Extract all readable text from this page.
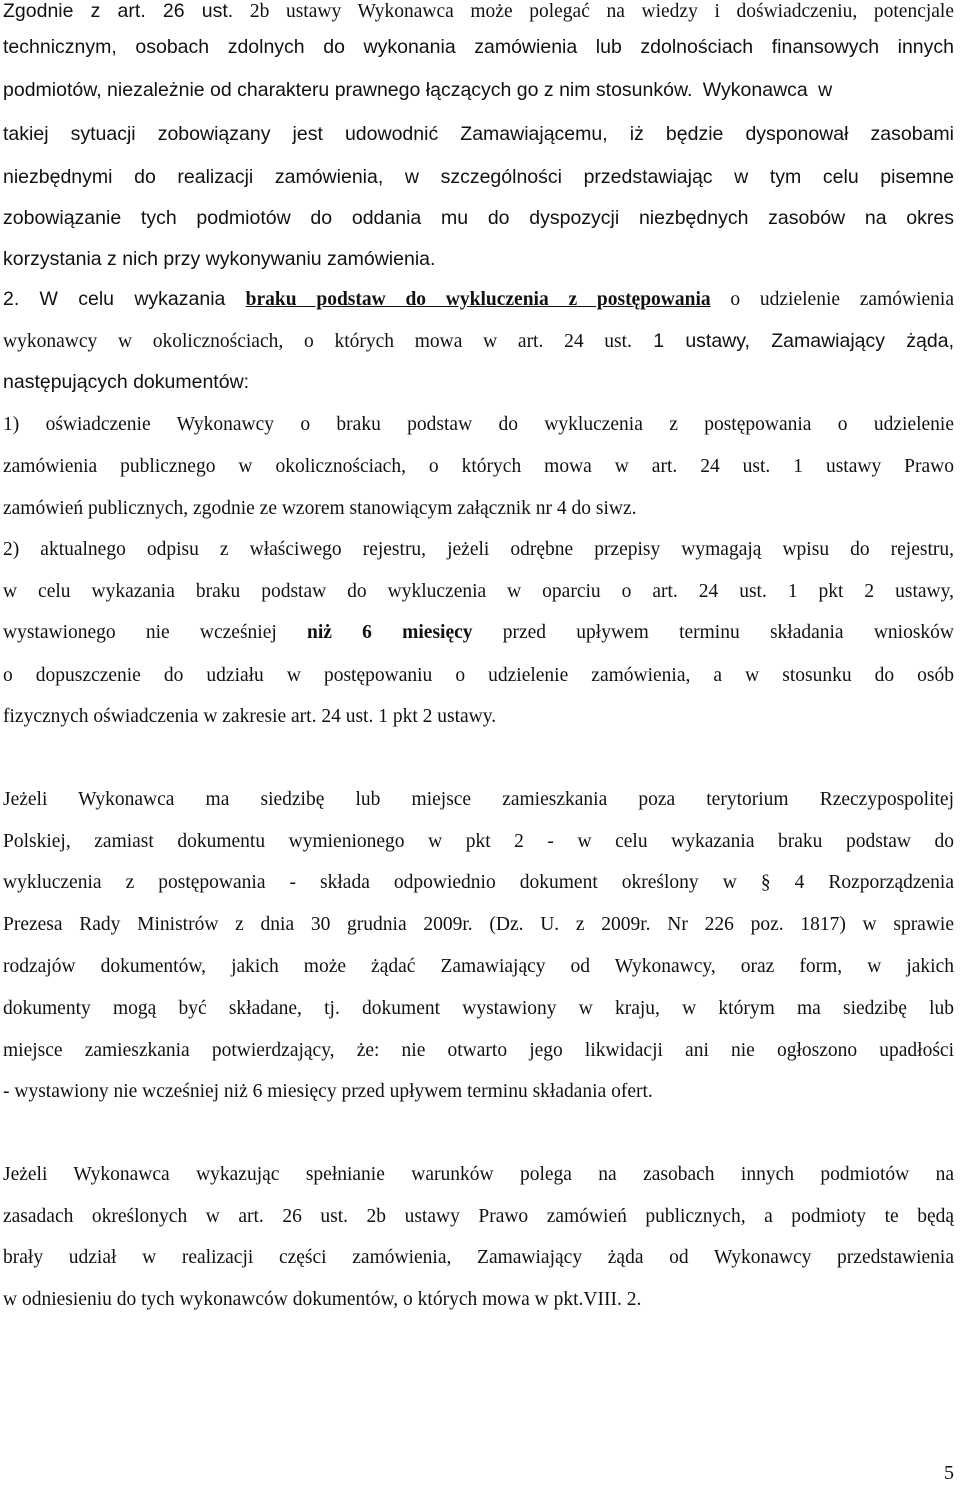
Zgodnie z art. 26 ust. 2b ustawy Wykonawca może polegać na wiedzy i doświadczeniu, potencjale
technicznym, osobach zdolnych do wykonania zamówienia lub zdolnościach finansowych innych
podmiotów, niezależnie od charakteru prawnego łączących go z nim stosunków. Wykonawca w
takiej sytuacji zobowiązany jest udowodnić Zamawiającemu, iż będzie dysponował zasobami
niezbędnymi do realizacji zamówienia, w szczególności przedstawiając w tym celu pisemne
zobowiązanie tych podmiotów do oddania mu do dyspozycji niezbędnych zasobów na okres
korzystania z nich przy wykonywaniu zamówienia.
2. W celu wykazania braku podstaw do wykluczenia z postępowania o udzielenie zamówienia
wykonawcy w okolicznościach, o których mowa w art. 24 ust. 1 ustawy, Zamawiający żąda,
następujących dokumentów:
1) oświadczenie Wykonawcy o braku podstaw do wykluczenia z postępowania o udzielenie
zamówienia publicznego w okolicznościach, o których mowa w art. 24 ust. 1 ustawy Prawo
zamówień publicznych, zgodnie ze wzorem stanowiącym załącznik nr 4 do siwz.
2) aktualnego odpisu z właściwego rejestru, jeżeli odrębne przepisy wymagają wpisu do rejestru,
w celu wykazania braku podstaw do wykluczenia w oparciu o art. 24 ust. 1 pkt 2 ustawy,
wystawionego nie wcześniej niż 6 miesięcy przed upływem terminu składania wniosków
o dopuszczenie do udziału w postępowaniu o udzielenie zamówienia, a w stosunku do osób
fizycznych oświadczenia w zakresie art. 24 ust. 1 pkt 2 ustawy.
Jeżeli Wykonawca ma siedzibę lub miejsce zamieszkania poza terytorium Rzeczypospolitej
Polskiej, zamiast dokumentu wymienionego w pkt 2 - w celu wykazania braku podstaw do
wykluczenia z postępowania - składa odpowiednio dokument określony w § 4 Rozporządzenia
Prezesa Rady Ministrów z dnia 30 grudnia 2009r. (Dz. U. z 2009r. Nr 226 poz. 1817) w sprawie
rodzajów dokumentów, jakich może żądać Zamawiający od Wykonawcy, oraz form, w jakich
dokumenty mogą być składane, tj. dokument wystawiony w kraju, w którym ma siedzibę lub
miejsce zamieszkania potwierdzający, że: nie otwarto jego likwidacji ani nie ogłoszono upadłości
- wystawiony nie wcześniej niż 6 miesięcy przed upływem terminu składania ofert.
Jeżeli Wykonawca wykazując spełnianie warunków polega na zasobach innych podmiotów na
zasadach określonych w art. 26 ust. 2b ustawy Prawo zamówień publicznych, a podmioty te będą
brały udział w realizacji części zamówienia, Zamawiający żąda od Wykonawcy przedstawienia
w odniesieniu do tych wykonawców dokumentów, o których mowa w pkt.VIII. 2.
5
